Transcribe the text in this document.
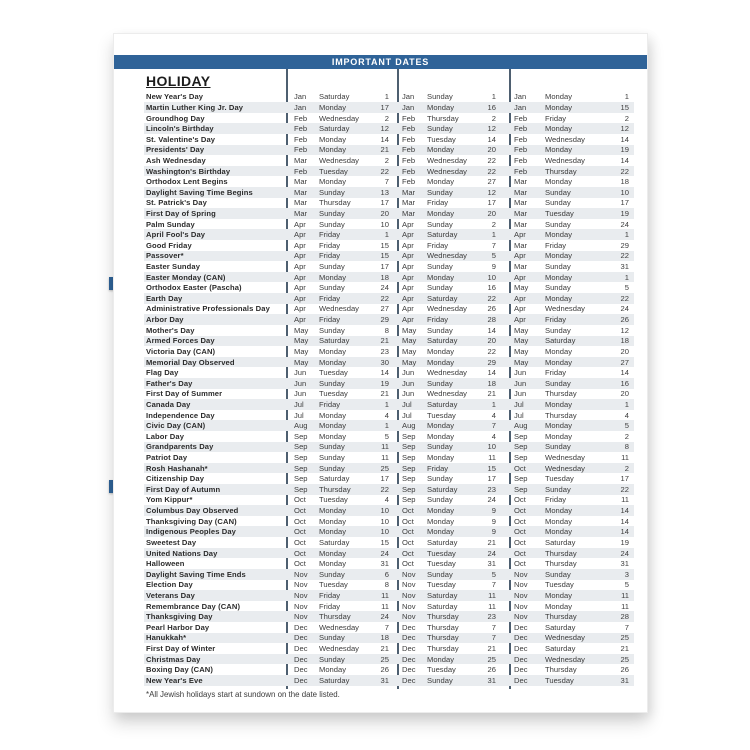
IMPORTANT DATES
HOLIDAY
New Year's Day	Jan	Saturday	1 Jan	Sunday	1 Jan	Monday	1
Martin Luther King Jr. Day	Jan	Monday	17 Jan	Monday	16 Jan	Monday	15
Groundhog Day	Feb	Wednesday	2 Feb	Thursday	2 Feb	Friday	2
Lincoln's Birthday	Feb	Saturday	12 Feb	Sunday	12 Feb	Monday	12
St. Valentine's Day	Feb	Monday	14 Feb	Tuesday	14 Feb	Wednesday	14
Presidents' Day	Feb	Monday	21 Feb	Monday	20 Feb	Monday	19
Ash Wednesday	Mar	Wednesday	2 Feb	Wednesday	22 Feb	Wednesday	14
Washington's Birthday	Feb	Tuesday	22 Feb	Wednesday	22 Feb	Thursday	22
Orthodox Lent Begins	Mar	Monday	7 Feb	Monday	27 Mar	Monday	18
Daylight Saving Time Begins	Mar	Sunday	13 Mar	Sunday	12 Mar	Sunday	10
St. Patrick's Day	Mar	Thursday	17 Mar	Friday	17 Mar	Sunday	17
First Day of Spring	Mar	Sunday	20 Mar	Monday	20 Mar	Tuesday	19
Palm Sunday	Apr	Sunday	10 Apr	Sunday	2 Mar	Sunday	24
April Fool's Day	Apr	Friday	1 Apr	Saturday	1 Apr	Monday	1
Good Friday	Apr	Friday	15 Apr	Friday	7 Mar	Friday	29
Passover*	Apr	Friday	15 Apr	Wednesday	5 Apr	Monday	22
Easter Sunday	Apr	Sunday	17 Apr	Sunday	9 Mar	Sunday	31
Easter Monday (CAN)	Apr	Monday	18 Apr	Monday	10 Apr	Monday	1
Orthodox Easter (Pascha)	Apr	Sunday	24 Apr	Sunday	16 May	Sunday	5
Earth Day	Apr	Friday	22 Apr	Saturday	22 Apr	Monday	22
Administrative Professionals Day	Apr	Wednesday	27 Apr	Wednesday	26 Apr	Wednesday	24
Arbor Day	Apr	Friday	29 Apr	Friday	28 Apr	Friday	26
Mother's Day	May	Sunday	8 May	Sunday	14 May	Sunday	12
Armed Forces Day	May	Saturday	21 May	Saturday	20 May	Saturday	18
Victoria Day (CAN)	May	Monday	23 May	Monday	22 May	Monday	20
Memorial Day Observed	May	Monday	30 May	Monday	29 May	Monday	27
Flag Day	Jun	Tuesday	14 Jun	Wednesday	14 Jun	Friday	14
Father's Day	Jun	Sunday	19 Jun	Sunday	18 Jun	Sunday	16
First Day of Summer	Jun	Tuesday	21 Jun	Wednesday	21 Jun	Thursday	20
Canada Day	Jul	Friday	1 Jul	Saturday	1 Jul	Monday	1
Independence Day	Jul	Monday	4 Jul	Tuesday	4 Jul	Thursday	4
Civic Day (CAN)	Aug	Monday	1 Aug	Monday	7 Aug	Monday	5
Labor Day	Sep	Monday	5 Sep	Monday	4 Sep	Monday	2
Grandparents Day	Sep	Sunday	11 Sep	Sunday	10 Sep	Sunday	8
Patriot Day	Sep	Sunday	11 Sep	Monday	11 Sep	Wednesday	11
Rosh Hashanah*	Sep	Sunday	25 Sep	Friday	15 Oct	Wednesday	2
Citizenship Day	Sep	Saturday	17 Sep	Sunday	17 Sep	Tuesday	17
First Day of Autumn	Sep	Thursday	22 Sep	Saturday	23 Sep	Sunday	22
Yom Kippur*	Oct	Tuesday	4 Sep	Sunday	24 Oct	Friday	11
Columbus Day Observed	Oct	Monday	10 Oct	Monday	9 Oct	Monday	14
Thanksgiving Day (CAN)	Oct	Monday	10 Oct	Monday	9 Oct	Monday	14
Indigenous Peoples Day	Oct	Monday	10 Oct	Monday	9 Oct	Monday	14
Sweetest Day	Oct	Saturday	15 Oct	Saturday	21 Oct	Saturday	19
United Nations Day	Oct	Monday	24 Oct	Tuesday	24 Oct	Thursday	24
Halloween	Oct	Monday	31 Oct	Tuesday	31 Oct	Thursday	31
Daylight Saving Time Ends	Nov	Sunday	6 Nov	Sunday	5 Nov	Sunday	3
Election Day	Nov	Tuesday	8 Nov	Tuesday	7 Nov	Tuesday	5
Veterans Day	Nov	Friday	11 Nov	Saturday	11 Nov	Monday	11
Remembrance Day (CAN)	Nov	Friday	11 Nov	Saturday	11 Nov	Monday	11
Thanksgiving Day	Nov	Thursday	24 Nov	Thursday	23 Nov	Thursday	28
Pearl Harbor Day	Dec	Wednesday	7 Dec	Thursday	7 Dec	Saturday	7
Hanukkah*	Dec	Sunday	18 Dec	Thursday	7 Dec	Wednesday	25
First Day of Winter	Dec	Wednesday	21 Dec	Thursday	21 Dec	Saturday	21
Christmas Day	Dec	Sunday	25 Dec	Monday	25 Dec	Wednesday	25
Boxing Day (CAN)	Dec	Monday	26 Dec	Tuesday	26 Dec	Thursday	26
New Year's Eve	Dec	Saturday	31 Dec	Sunday	31 Dec	Tuesday	31
*All Jewish holidays start at sundown on the date listed.
